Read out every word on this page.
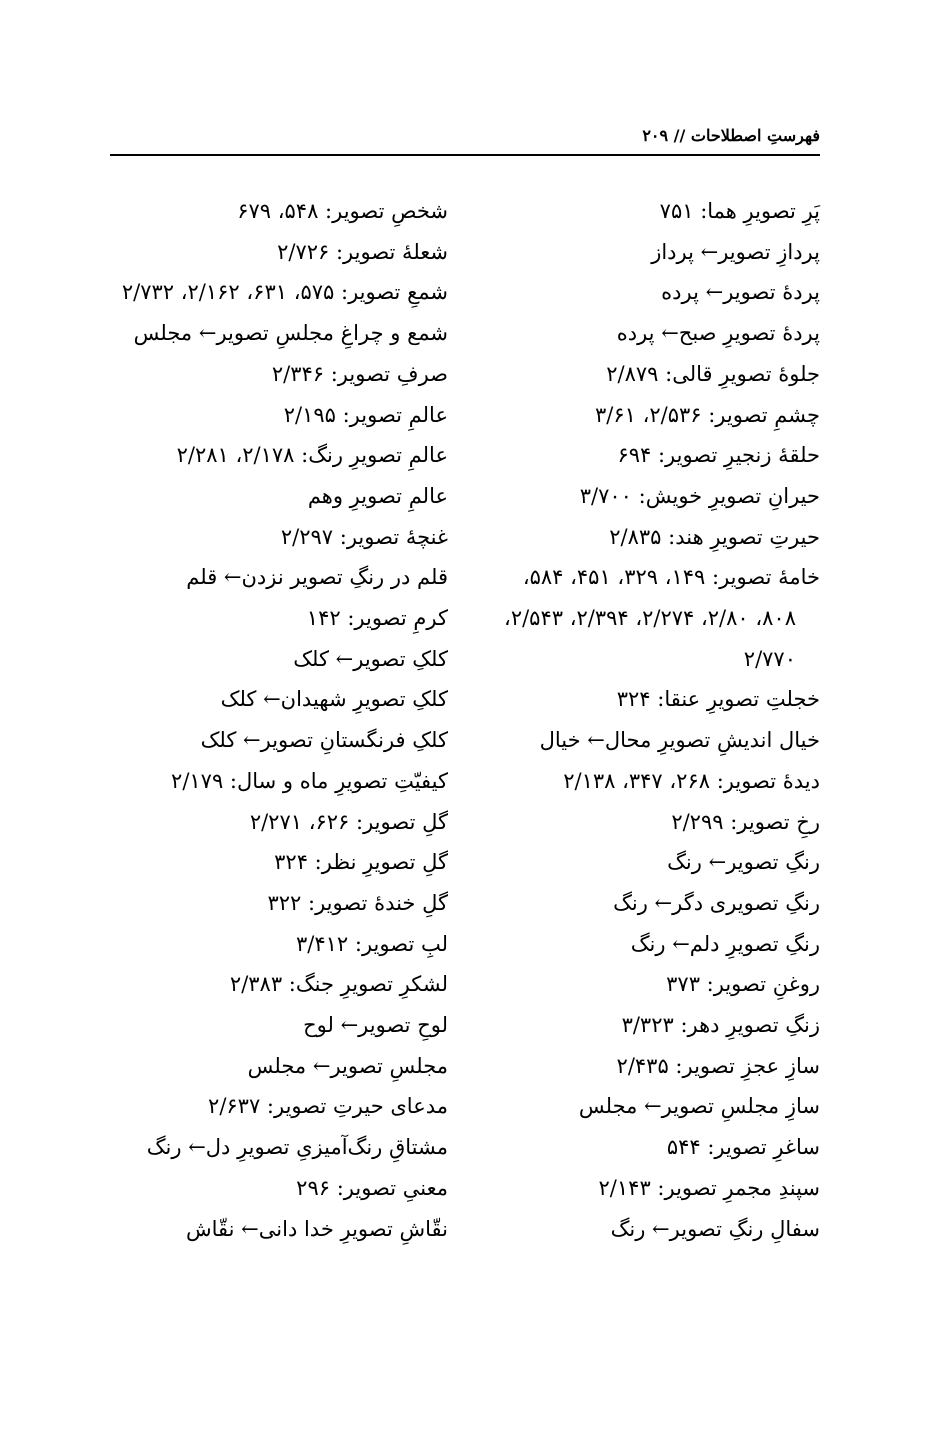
فهرستِ اصطلاحات // ۲۰۹

پَرِ تصویرِ هما: ۷۵۱

پردازِ تصویر← پرداز

پردهٔ تصویر← پرده

پردهٔ تصویرِ صبح← پرده

جلوهٔ تصویرِ قالی: ۲/۸۷۹

چشمِ تصویر: ۲/۵۳۶، ۳/۶۱

حلقهٔ زنجیرِ تصویر: ۶۹۴

حیرانِ تصویرِ خویش: ۳/۷۰۰

حیرتِ تصویرِ هند: ۲/۸۳۵

خامهٔ تصویر: ۱۴۹، ۳۲۹، ۴۵۱، ۵۸۴،
۸۰۸، ۲/۸۰، ۲/۲۷۴، ۲/۳۹۴، ۲/۵۴۳،
۲/۷۷۰

خجلتِ تصویرِ عنقا: ۳۲۴

خیال اندیشِ تصویرِ محال← خیال

دیدهٔ تصویر: ۲۶۸، ۳۴۷، ۲/۱۳۸

رخِ تصویر: ۲/۲۹۹

رنگِ تصویر← رنگ

رنگِ تصویری دگر← رنگ

رنگِ تصویرِ دلم← رنگ

روغنِ تصویر: ۳۷۳

زنگِ تصویرِ دهر: ۳/۳۲۳

سازِ عجزِ تصویر: ۲/۴۳۵

سازِ مجلسِ تصویر← مجلس

ساغرِ تصویر: ۵۴۴

سپندِ مجمرِ تصویر: ۲/۱۴۳

سفالِ رنگِ تصویر← رنگ

شخصِ تصویر: ۵۴۸، ۶۷۹

شعلهٔ تصویر: ۲/۷۲۶

شمعِ تصویر: ۵۷۵، ۶۳۱، ۲/۱۶۲، ۲/۷۳۲

شمع و چراغِ مجلسِ تصویر← مجلس

صرفِ تصویر: ۲/۳۴۶

عالمِ تصویر: ۲/۱۹۵

عالمِ تصویرِ رنگ: ۲/۱۷۸، ۲/۲۸۱

عالمِ تصویرِ وهم

غنچهٔ تصویر: ۲/۲۹۷

قلم در رنگِ تصویر نزدن← قلم

کرمِ تصویر: ۱۴۲

کلکِ تصویر← کلک

کلکِ تصویرِ شهیدان← کلک

کلکِ فرنگستانِ تصویر← کلک

کیفیّتِ تصویرِ ماه و سال: ۲/۱۷۹

گلِ تصویر: ۶۲۶، ۲/۲۷۱

گلِ تصویرِ نظر: ۳۲۴

گلِ خندهٔ تصویر: ۳۲۲

لبِ تصویر: ۳/۴۱۲

لشکرِ تصویرِ جنگ: ۲/۳۸۳

لوحِ تصویر← لوح

مجلسِ تصویر← مجلس

مدعای حیرتِ تصویر: ۲/۶۳۷

مشتاقِ رنگ‌آمیزیِ تصویرِ دل← رنگ

معنیِ تصویر: ۲۹۶

نقّاشِ تصویرِ خدا دانی← نقّاش
